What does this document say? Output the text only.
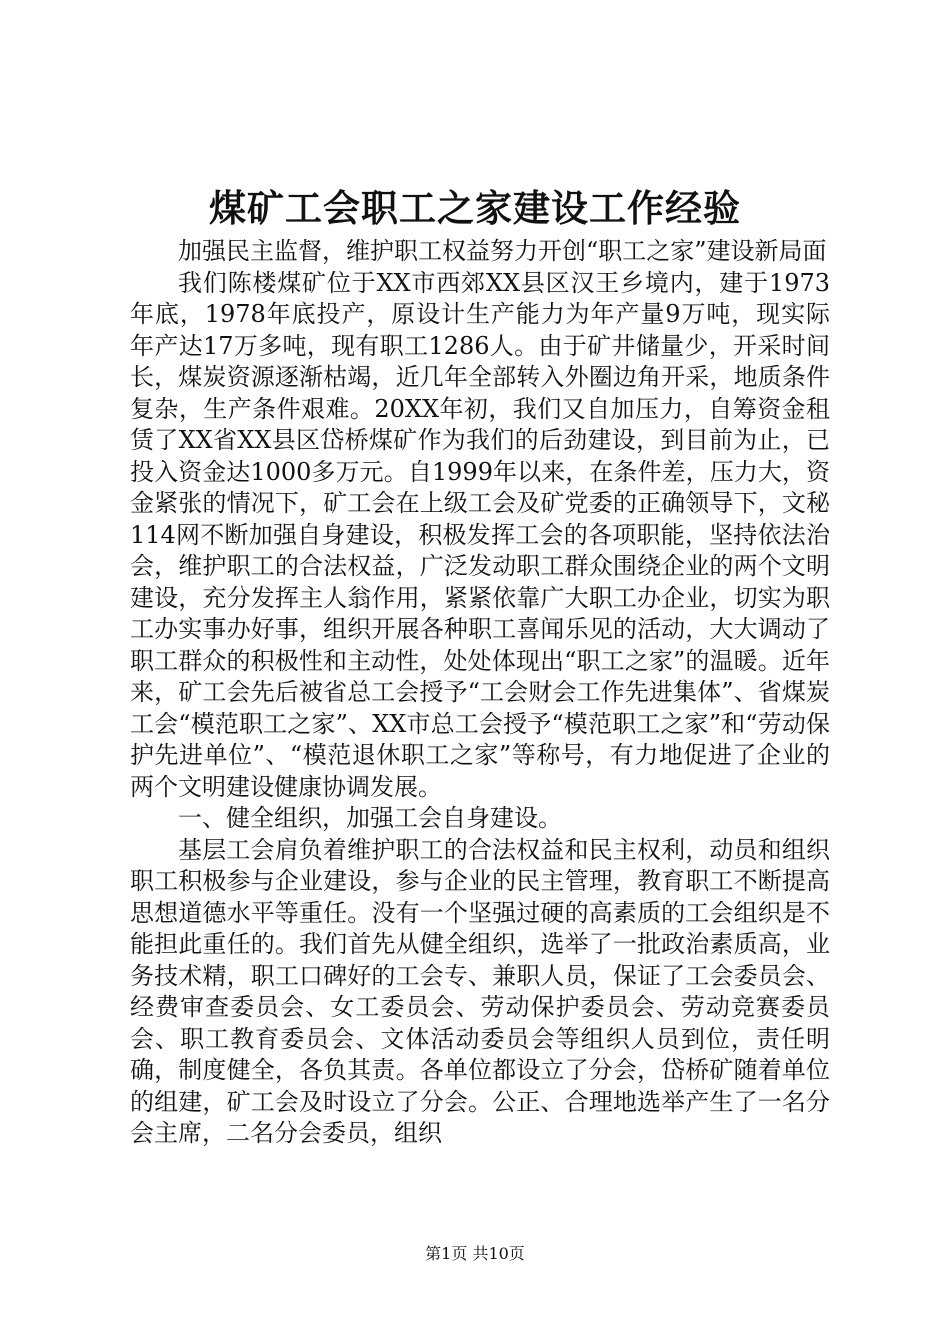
煤矿工会职工之家建设工作经验

加强民主监督，维护职工权益努力开创“职工之家”建设新局面

我们陈楼煤矿位于XX市西郊XX县区汉王乡境内，建于1973年底，1978年底投产，原设计生产能力为年产量9万吨，现实际年产达17万多吨，现有职工1286人。由于矿井储量少，开采时间长，煤炭资源逐渐枯竭，近几年全部转入外圈边角开采，地质条件复杂，生产条件艰难。20XX年初，我们又自加压力，自筹资金租赁了XX省XX县区岱桥煤矿作为我们的后劲建设，到目前为止，已投入资金达1000多万元。自1999年以来，在条件差，压力大，资金紧张的情况下，矿工会在上级工会及矿党委的正确领导下，文秘114网不断加强自身建设，积极发挥工会的各项职能，坚持依法治会，维护职工的合法权益，广泛发动职工群众围绕企业的两个文明建设，充分发挥主人翁作用，紧紧依靠广大职工办企业，切实为职工办实事办好事，组织开展各种职工喜闻乐见的活动，大大调动了职工群众的积极性和主动性，处处体现出“职工之家”的温暖。近年来，矿工会先后被省总工会授予“工会财会工作先进集体”、省煤炭工会“模范职工之家”、XX市总工会授予“模范职工之家”和“劳动保护先进单位”、“模范退休职工之家”等称号，有力地促进了企业的两个文明建设健康协调发展。

一、健全组织，加强工会自身建设。

基层工会肩负着维护职工的合法权益和民主权利，动员和组织职工积极参与企业建设，参与企业的民主管理，教育职工不断提高思想道德水平等重任。没有一个坚强过硬的高素质的工会组织是不能担此重任的。我们首先从健全组织，选举了一批政治素质高，业务技术精，职工口碑好的工会专、兼职人员，保证了工会委员会、经费审查委员会、女工委员会、劳动保护委员会、劳动竞赛委员会、职工教育委员会、文体活动委员会等组织人员到位，责任明确，制度健全，各负其责。各单位都设立了分会，岱桥矿随着单位的组建，矿工会及时设立了分会。公正、合理地选举产生了一名分会主席，二名分会委员，组织

第1页 共10页
